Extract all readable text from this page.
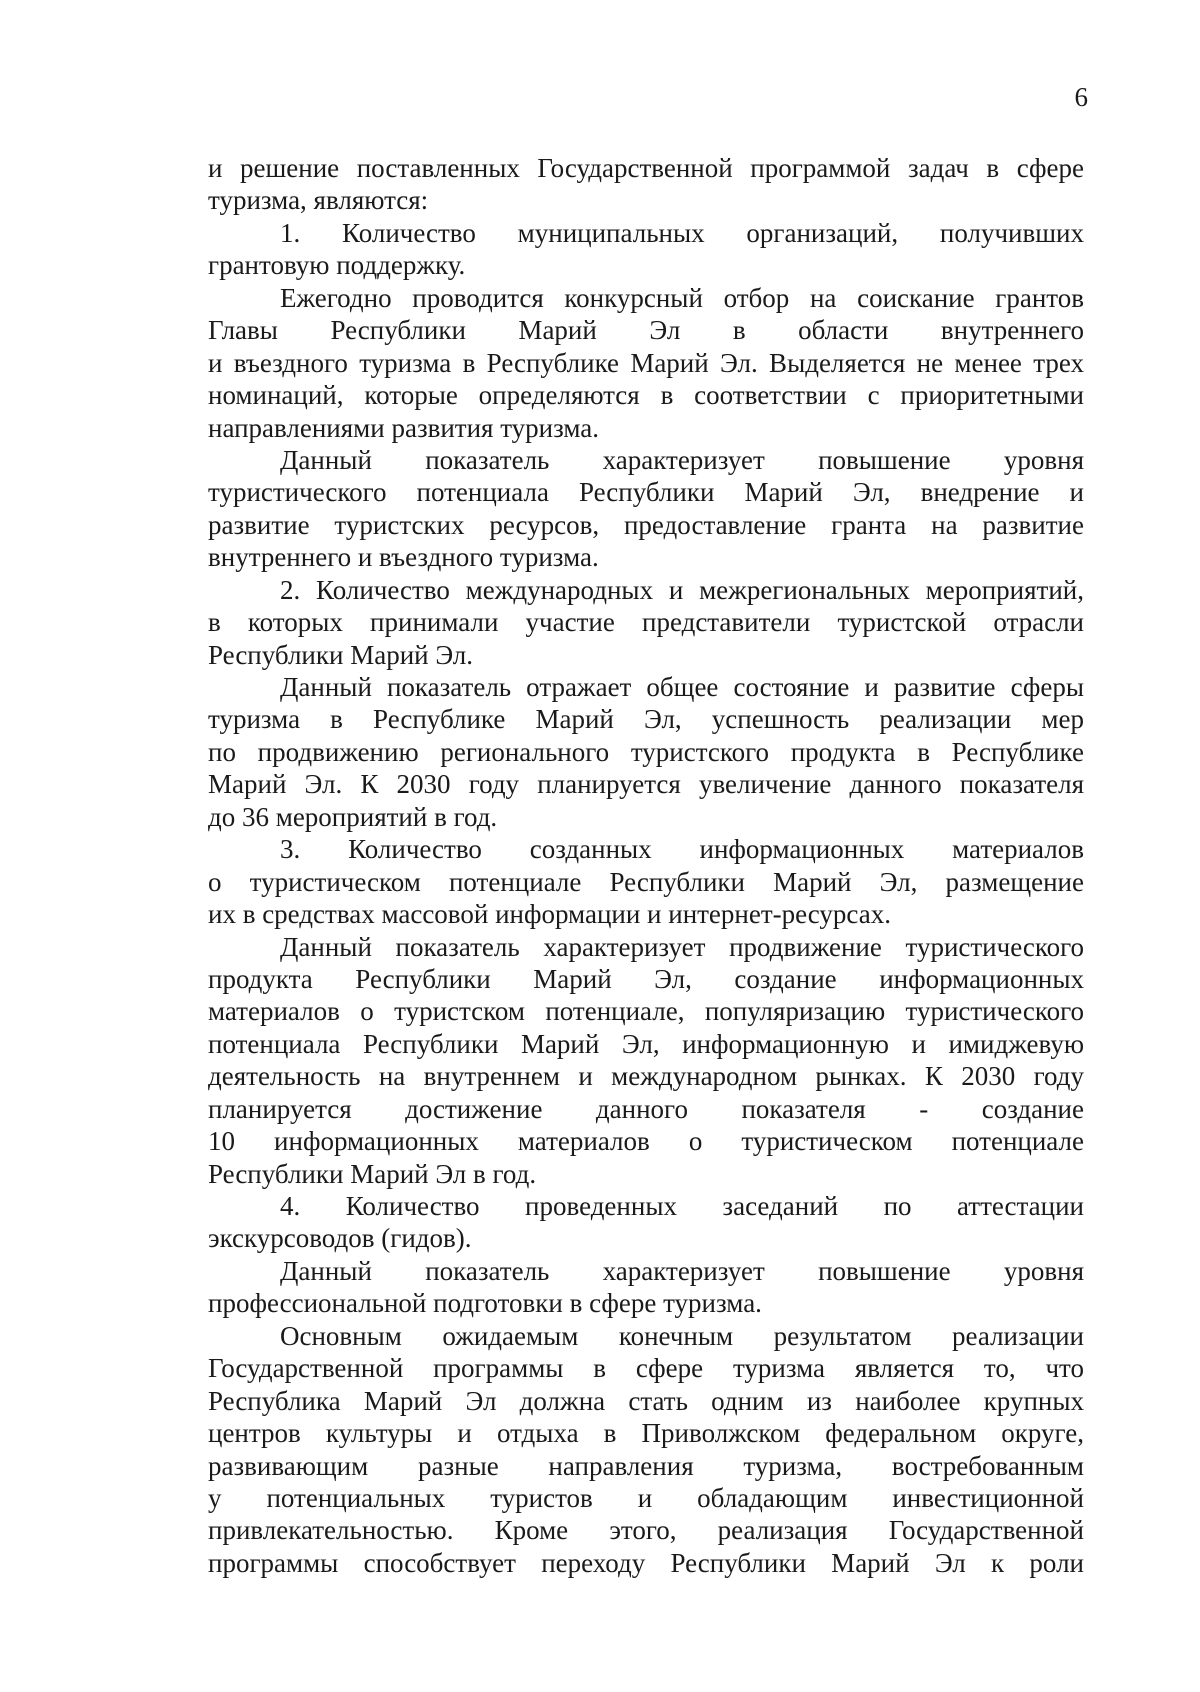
6
и решение поставленных Государственной программой задач в сфере
туризма, являются:
1. Количество муниципальных организаций, получивших
грантовую поддержку.
Ежегодно проводится конкурсный отбор на соискание грантов
Главы Республики Марий Эл в области внутреннего
и въездного туризма в Республике Марий Эл. Выделяется не менее трех
номинаций, которые определяются в соответствии с приоритетными
направлениями развития туризма.
Данный показатель характеризует повышение уровня
туристического потенциала Республики Марий Эл, внедрение и
развитие туристских ресурсов, предоставление гранта на развитие
внутреннего и въездного туризма.
2. Количество международных и межрегиональных мероприятий,
в которых принимали участие представители туристской отрасли
Республики Марий Эл.
Данный показатель отражает общее состояние и развитие сферы
туризма в Республике Марий Эл, успешность реализации мер
по продвижению регионального туристского продукта в Республике
Марий Эл. К 2030 году планируется увеличение данного показателя
до 36 мероприятий в год.
3. Количество созданных информационных материалов
о туристическом потенциале Республики Марий Эл, размещение
их в средствах массовой информации и интернет-ресурсах.
Данный показатель характеризует продвижение туристического
продукта Республики Марий Эл, создание информационных
материалов о туристском потенциале, популяризацию туристического
потенциала Республики Марий Эл, информационную и имиджевую
деятельность на внутреннем и международном рынках. К 2030 году
планируется достижение данного показателя - создание
10 информационных материалов о туристическом потенциале
Республики Марий Эл в год.
4. Количество проведенных заседаний по аттестации
экскурсоводов (гидов).
Данный показатель характеризует повышение уровня
профессиональной подготовки в сфере туризма.
Основным ожидаемым конечным результатом реализации
Государственной программы в сфере туризма является то, что
Республика Марий Эл должна стать одним из наиболее крупных
центров культуры и отдыха в Приволжском федеральном округе,
развивающим разные направления туризма, востребованным
у потенциальных туристов и обладающим инвестиционной
привлекательностью. Кроме этого, реализация Государственной
программы способствует переходу Республики Марий Эл к роли
